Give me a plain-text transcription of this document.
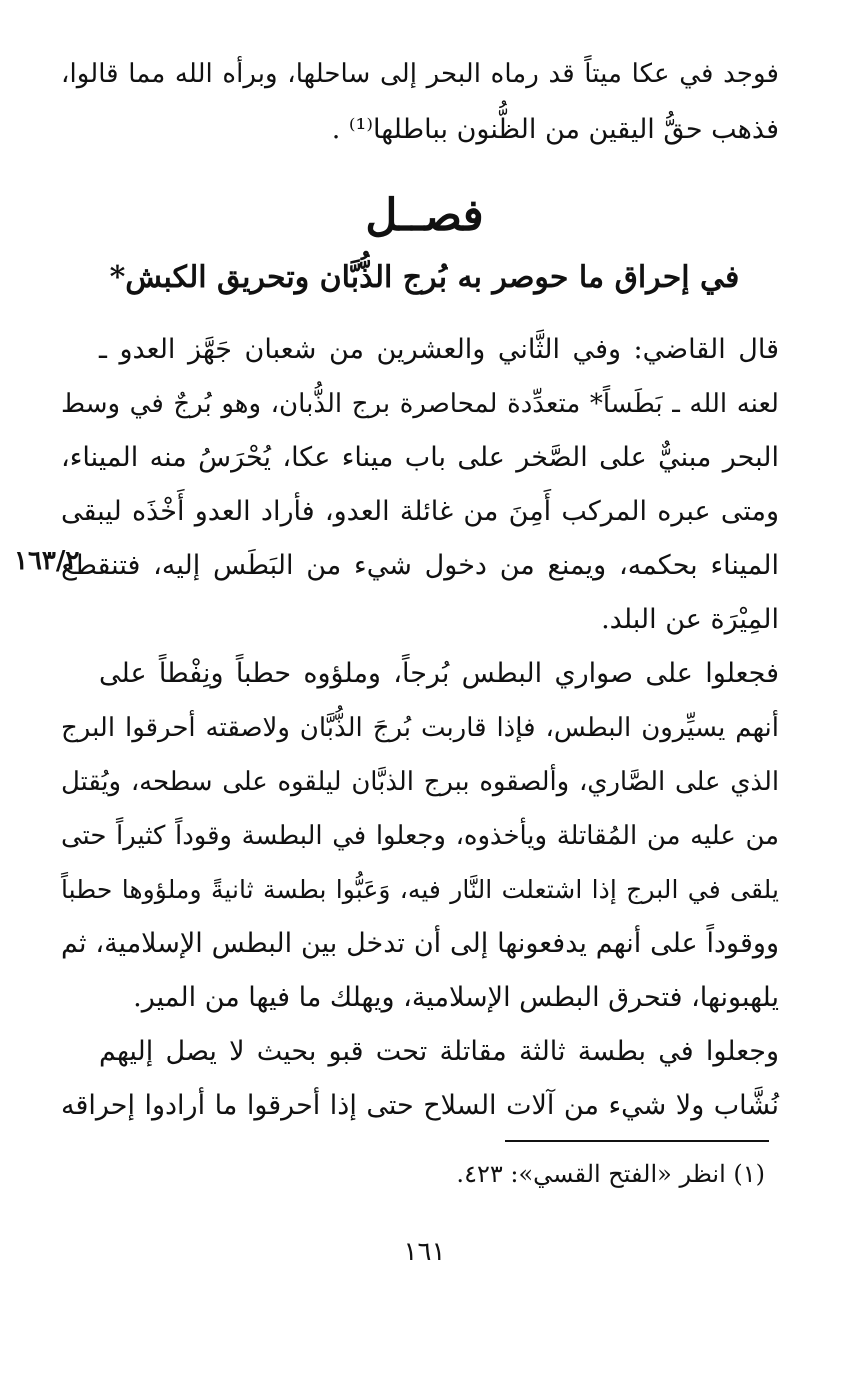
فوجد في عكا ميتاً قد رماه البحر إلى ساحلها، وبرأه الله مما قالوا،
فذهب حقُّ اليقين من الظُّنون بباطلها⁽¹⁾ .
فصــل
في إحراق ما حوصر به بُرج الذُّبَّان وتحريق الكبش*
قال القاضي: وفي الثَّاني والعشرين من شعبان جَهَّز العدو ـ
لعنه الله ـ بَطَساً* متعدِّدة لمحاصرة برج الذُّبان، وهو بُرجٌ في وسط
البحر مبنيٌّ على الصَّخر على باب ميناء عكا، يُحْرَسُ منه الميناء،
ومتى عبره المركب أَمِنَ من غائلة العدو، فأراد العدو أَخْذَه ليبقى
الميناء بحكمه، ويمنع من دخول شيء من البَطَس إليه، فتنقطع
المِيْرَة عن البلد.
١٦٣/٢
فجعلوا على صواري البطس بُرجاً، وملؤوه حطباً ونِفْطاً على
أنهم يسيِّرون البطس، فإذا قاربت بُرجَ الذُّبَّان ولاصقته أحرقوا البرج
الذي على الصَّاري، وألصقوه ببرج الذبَّان ليلقوه على سطحه، ويُقتل
من عليه من المُقاتلة ويأخذوه، وجعلوا في البطسة وقوداً كثيراً حتى
يلقى في البرج إذا اشتعلت النَّار فيه، وَعَبُّوا بطسة ثانيةً وملؤوها حطباً
ووقوداً على أنهم يدفعونها إلى أن تدخل بين البطس الإسلامية، ثم
يلهبونها، فتحرق البطس الإسلامية، ويهلك ما فيها من المير.
وجعلوا في بطسة ثالثة مقاتلة تحت قبو بحيث لا يصل إليهم
نُشَّاب ولا شيء من آلات السلاح حتى إذا أحرقوا ما أرادوا إحراقه
(١) انظر «الفتح القسي»: ٤٢٣.
١٦١
